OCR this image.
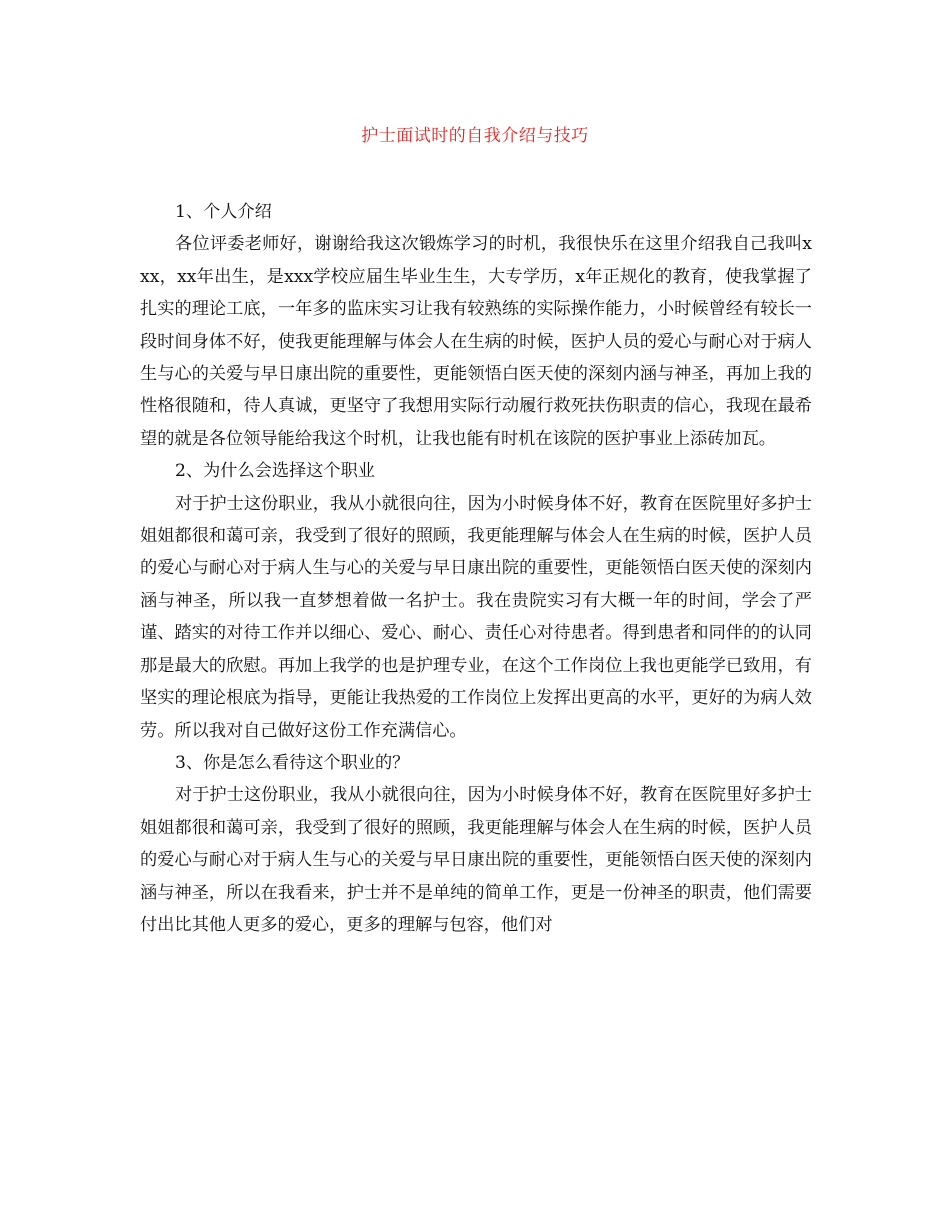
护士面试时的自我介绍与技巧

1、个人介绍

各位评委老师好，谢谢给我这次锻炼学习的时机，我很快乐在这里介绍我自己我叫xxx，xx年出生，是xxx学校应届生毕业生生，大专学历，x年正规化的教育，使我掌握了扎实的理论工底，一年多的监床实习让我有较熟练的实际操作能力，小时候曾经有较长一段时间身体不好，使我更能理解与体会人在生病的时候，医护人员的爱心与耐心对于病人生与心的关爱与早日康出院的重要性，更能领悟白医天使的深刻内涵与神圣，再加上我的性格很随和，待人真诚，更坚守了我想用实际行动履行救死扶伤职责的信心，我现在最希望的就是各位领导能给我这个时机，让我也能有时机在该院的医护事业上添砖加瓦。

2、为什么会选择这个职业

对于护士这份职业，我从小就很向往，因为小时候身体不好，教育在医院里好多护士姐姐都很和蔼可亲，我受到了很好的照顾，我更能理解与体会人在生病的时候，医护人员的爱心与耐心对于病人生与心的关爱与早日康出院的重要性，更能领悟白医天使的深刻内涵与神圣，所以我一直梦想着做一名护士。我在贵院实习有大概一年的时间，学会了严谨、踏实的对待工作并以细心、爱心、耐心、责任心对待患者。得到患者和同伴的的认同那是最大的欣慰。再加上我学的也是护理专业，在这个工作岗位上我也更能学已致用，有坚实的理论根底为指导，更能让我热爱的工作岗位上发挥出更高的水平，更好的为病人效劳。所以我对自己做好这份工作充满信心。

3、你是怎么看待这个职业的？

对于护士这份职业，我从小就很向往，因为小时候身体不好，教育在医院里好多护士姐姐都很和蔼可亲，我受到了很好的照顾，我更能理解与体会人在生病的时候，医护人员的爱心与耐心对于病人生与心的关爱与早日康出院的重要性，更能领悟白医天使的深刻内涵与神圣，所以在我看来，护士并不是单纯的简单工作，更是一份神圣的职责，他们需要付出比其他人更多的爱心，更多的理解与包容，他们对
